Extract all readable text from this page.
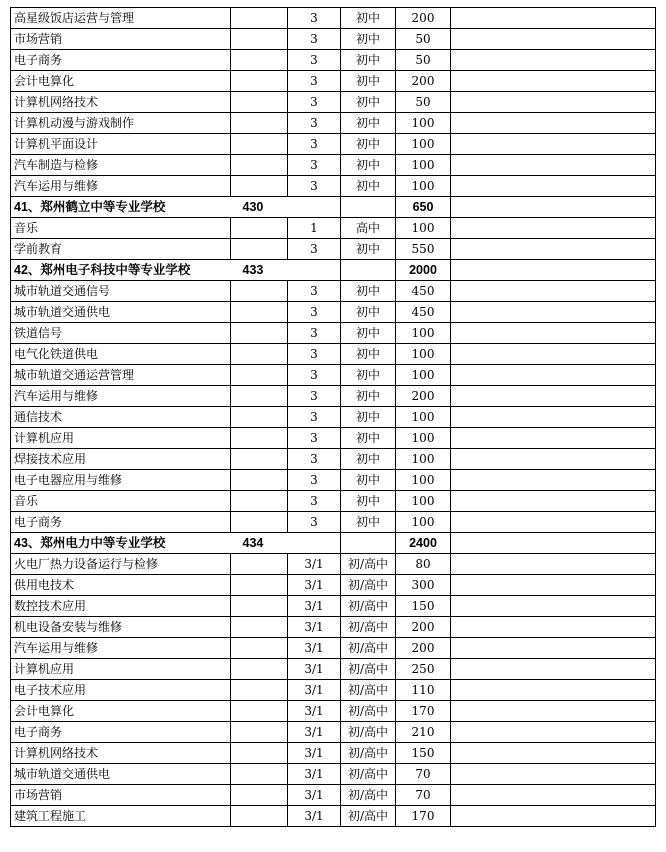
高星级饭店运营与管理		3	初中	200	
市场营销		3	初中	50	
电子商务		3	初中	50	
会计电算化		3	初中	200	
计算机网络技术		3	初中	50	
计算机动漫与游戏制作		3	初中	100	
计算机平面设计		3	初中	100	
汽车制造与检修		3	初中	100	
汽车运用与维修		3	初中	100	
41、郑州鹤立中等专业学校	430			650	
音乐		1	高中	100	
学前教育		3	初中	550	
42、郑州电子科技中等专业学校	433			2000	
城市轨道交通信号		3	初中	450	
城市轨道交通供电		3	初中	450	
铁道信号		3	初中	100	
电气化铁道供电		3	初中	100	
城市轨道交通运营管理		3	初中	100	
汽车运用与维修		3	初中	200	
通信技术		3	初中	100	
计算机应用		3	初中	100	
焊接技术应用		3	初中	100	
电子电器应用与维修		3	初中	100	
音乐		3	初中	100	
电子商务		3	初中	100	
43、郑州电力中等专业学校	434			2400	
火电厂热力设备运行与检修		3/1	初/高中	80	
供用电技术		3/1	初/高中	300	
数控技术应用		3/1	初/高中	150	
机电设备安装与维修		3/1	初/高中	200	
汽车运用与维修		3/1	初/高中	200	
计算机应用		3/1	初/高中	250	
电子技术应用		3/1	初/高中	110	
会计电算化		3/1	初/高中	170	
电子商务		3/1	初/高中	210	
计算机网络技术		3/1	初/高中	150	
城市轨道交通供电		3/1	初/高中	70	
市场营销		3/1	初/高中	70	
建筑工程施工		3/1	初/高中	170	
